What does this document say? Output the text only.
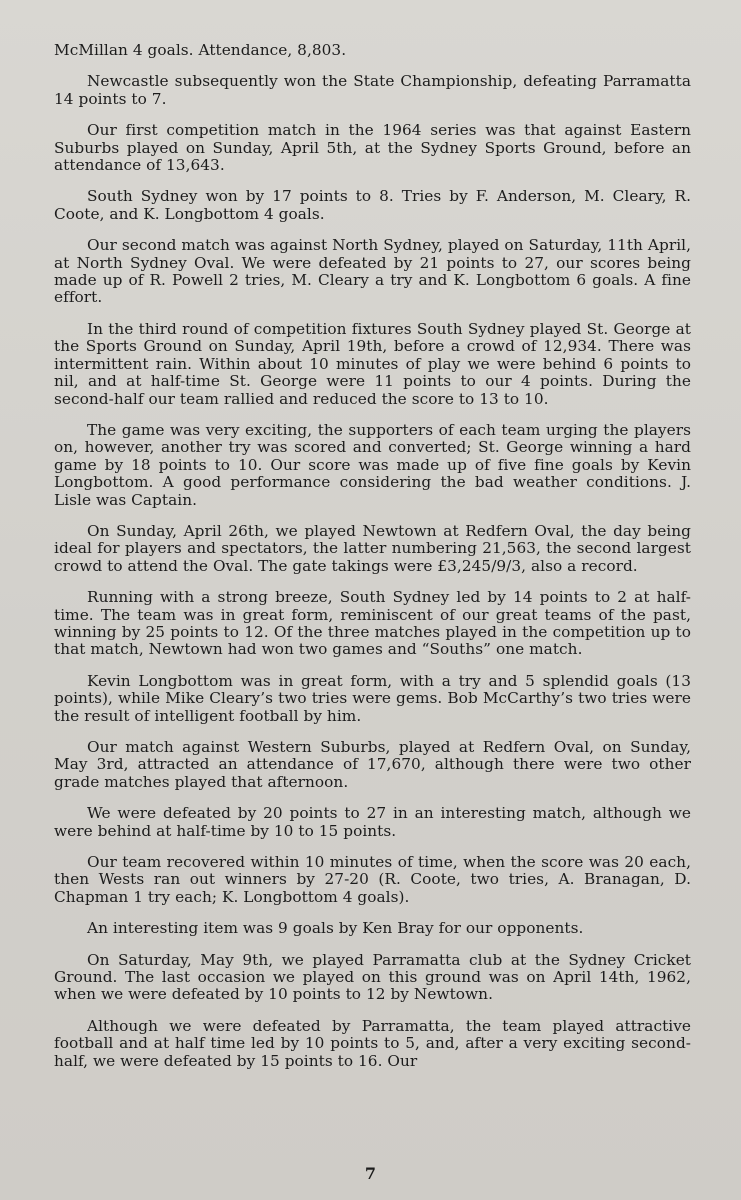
McMillan 4 goals. Attendance, 8,803.

Newcastle subsequently won the State Championship, defeating Parramatta 14 points to 7.

Our first competition match in the 1964 series was that against Eastern Suburbs played on Sunday, April 5th, at the Sydney Sports Ground, before an attendance of 13,643.

South Sydney won by 17 points to 8. Tries by F. Anderson, M. Cleary, R. Coote, and K. Longbottom 4 goals.

Our second match was against North Sydney, played on Saturday, 11th April, at North Sydney Oval. We were defeated by 21 points to 27, our scores being made up of R. Powell 2 tries, M. Cleary a try and K. Longbottom 6 goals. A fine effort.

In the third round of competition fixtures South Sydney played St. George at the Sports Ground on Sunday, April 19th, before a crowd of 12,934. There was intermittent rain. Within about 10 minutes of play we were behind 6 points to nil, and at half-time St. George were 11 points to our 4 points. During the second-half our team rallied and reduced the score to 13 to 10.

The game was very exciting, the supporters of each team urging the players on, however, another try was scored and converted; St. George winning a hard game by 18 points to 10. Our score was made up of five fine goals by Kevin Longbottom. A good performance considering the bad weather conditions. J. Lisle was Captain.

On Sunday, April 26th, we played Newtown at Redfern Oval, the day being ideal for players and spectators, the latter numbering 21,563, the second largest crowd to attend the Oval. The gate takings were £3,245/9/3, also a record.

Running with a strong breeze, South Sydney led by 14 points to 2 at half-time. The team was in great form, reminiscent of our great teams of the past, winning by 25 points to 12. Of the three matches played in the competition up to that match, Newtown had won two games and “Souths” one match.

Kevin Longbottom was in great form, with a try and 5 splendid goals (13 points), while Mike Cleary’s two tries were gems. Bob McCarthy’s two tries were the result of intelligent football by him.

Our match against Western Suburbs, played at Redfern Oval, on Sunday, May 3rd, attracted an attendance of 17,670, although there were two other grade matches played that afternoon.

We were defeated by 20 points to 27 in an interesting match, although we were behind at half-time by 10 to 15 points.

Our team recovered within 10 minutes of time, when the score was 20 each, then Wests ran out winners by 27-20 (R. Coote, two tries, A. Branagan, D. Chapman 1 try each; K. Longbottom 4 goals).

An interesting item was 9 goals by Ken Bray for our opponents.

On Saturday, May 9th, we played Parramatta club at the Sydney Cricket Ground. The last occasion we played on this ground was on April 14th, 1962, when we were defeated by 10 points to 12 by Newtown.

Although we were defeated by Parramatta, the team played attractive football and at half time led by 10 points to 5, and, after a very exciting second-half, we were defeated by 15 points to 16. Our

7
